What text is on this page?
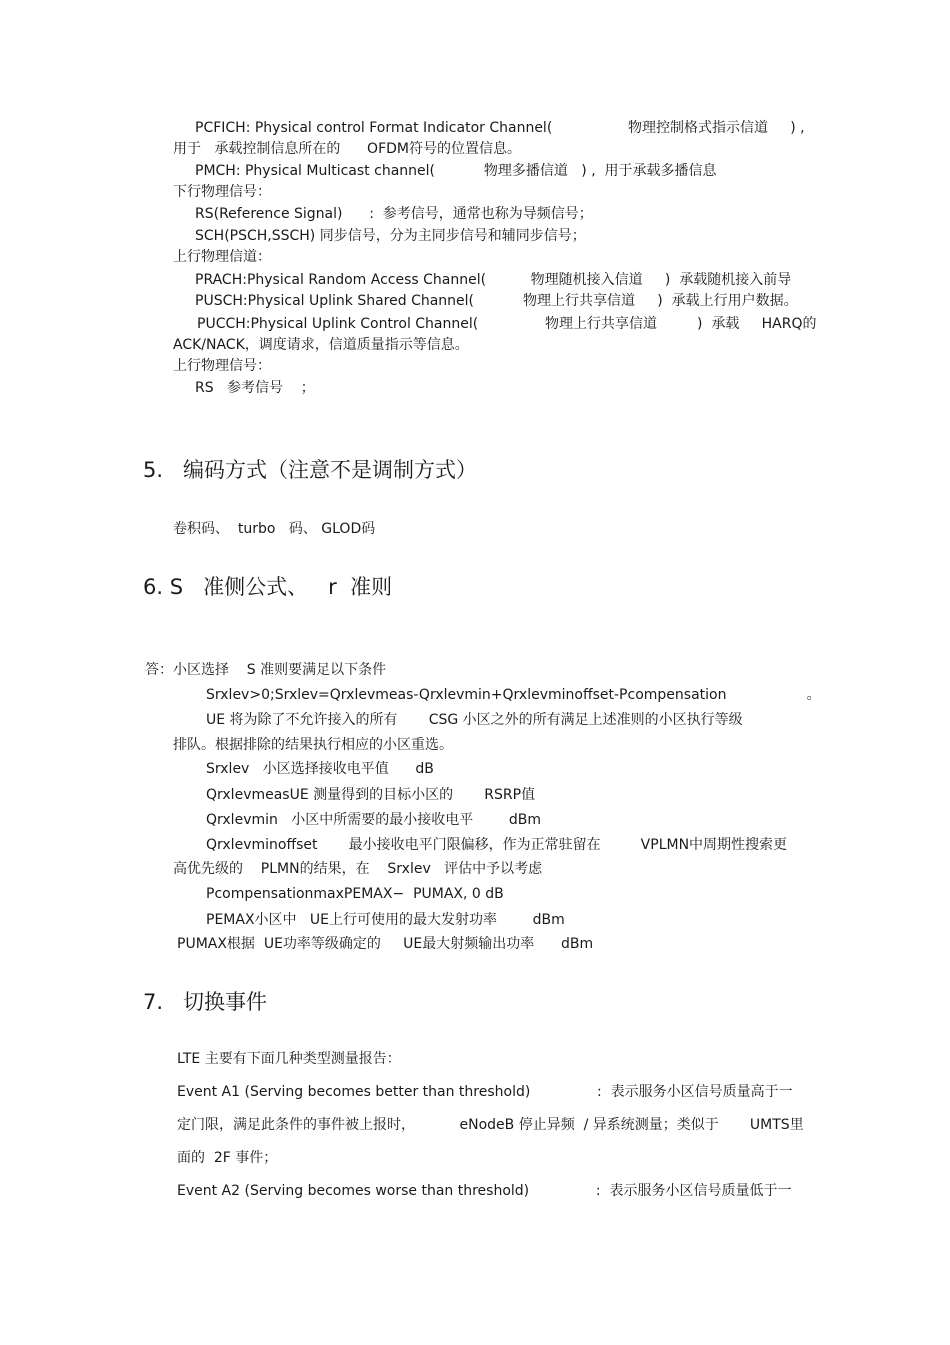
PCFICH: Physical control Format Indicator Channel(                 物理控制格式指示信道     ) ,
用于   承载控制信息所在的      OFDM符号的位置信息。
PMCH: Physical Multicast channel(           物理多播信道   ) ,  用于承载多播信息
下行物理信号：
RS(Reference Signal)      :  参考信号，通常也称为导频信号；
SCH(PSCH,SSCH) 同步信号，分为主同步信号和辅同步信号；
上行物理信道：
PRACH:Physical Random Access Channel(          物理随机接入信道     )  承载随机接入前导
PUSCH:Physical Uplink Shared Channel(           物理上行共享信道     )  承载上行用户数据。
PUCCH:Physical Uplink Control Channel(               物理上行共享信道         )  承载     HARQ的
ACK/NACK，调度请求，信道质量指示等信息。
上行物理信号：
RS   参考信号    ；
5.   编码方式（注意不是调制方式）
卷积码、  turbo   码、 GLOD码
6. S   准侧公式、   r  准则
答：小区选择    S 准则要满足以下条件
Srxlev>0;Srxlev=Qrxlevmeas-Qrxlevmin+Qrxlevminoffset-Pcompensation                  。
UE 将为除了不允许接入的所有       CSG 小区之外的所有满足上述准则的小区执行等级
排队。根据排除的结果执行相应的小区重选。
Srxlev   小区选择接收电平值      dB
QrxlevmeasUE 测量得到的目标小区的       RSRP值
Qrxlevmin   小区中所需要的最小接收电平        dBm
Qrxlevminoffset       最小接收电平门限偏移，作为正常驻留在         VPLMN中周期性搜索更
高优先级的    PLMN的结果，在    Srxlev   评估中予以考虑
PcompensationmaxPEMAX−  PUMAX, 0 dB
PEMAX小区中   UE上行可使用的最大发射功率        dBm
PUMAX根据  UE功率等级确定的     UE最大射频输出功率      dBm
7.   切换事件
LTE 主要有下面几种类型测量报告：
Event A1 (Serving becomes better than threshold)               :  表示服务小区信号质量高于一
定门限，满足此条件的事件被上报时，          eNodeB 停止异频  / 异系统测量；类似于       UMTS里
面的  2F 事件；
Event A2 (Serving becomes worse than threshold)               :  表示服务小区信号质量低于一
